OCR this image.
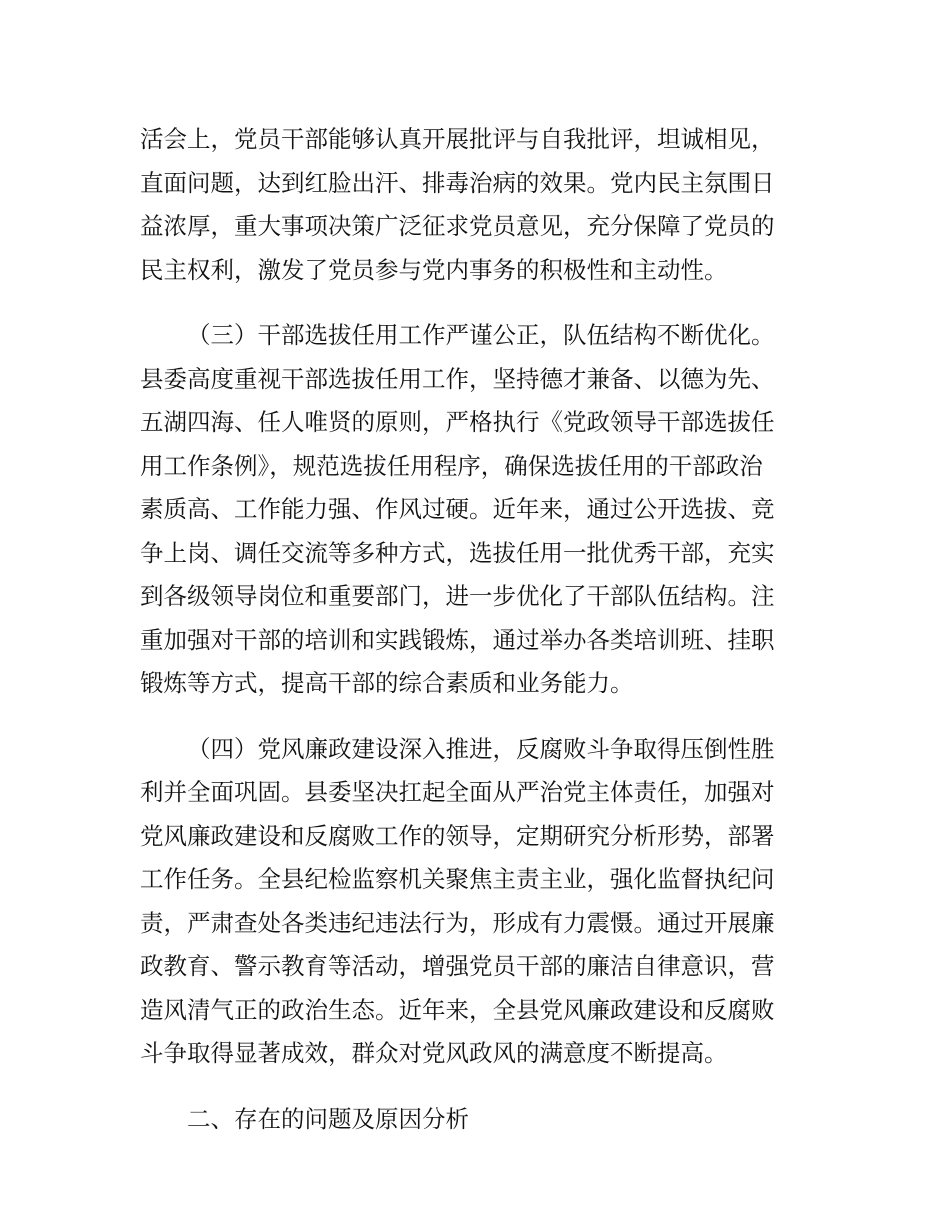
活会上，党员干部能够认真开展批评与自我批评，坦诚相见，
直面问题，达到红脸出汗、排毒治病的效果。党内民主氛围日
益浓厚，重大事项决策广泛征求党员意见，充分保障了党员的
民主权利，激发了党员参与党内事务的积极性和主动性。
（三）干部选拔任用工作严谨公正，队伍结构不断优化。
县委高度重视干部选拔任用工作，坚持德才兼备、以德为先、
五湖四海、任人唯贤的原则，严格执行《党政领导干部选拔任
用工作条例》，规范选拔任用程序，确保选拔任用的干部政治
素质高、工作能力强、作风过硬。近年来，通过公开选拔、竞
争上岗、调任交流等多种方式，选拔任用一批优秀干部，充实
到各级领导岗位和重要部门，进一步优化了干部队伍结构。注
重加强对干部的培训和实践锻炼，通过举办各类培训班、挂职
锻炼等方式，提高干部的综合素质和业务能力。
（四）党风廉政建设深入推进，反腐败斗争取得压倒性胜
利并全面巩固。县委坚决扛起全面从严治党主体责任，加强对
党风廉政建设和反腐败工作的领导，定期研究分析形势，部署
工作任务。全县纪检监察机关聚焦主责主业，强化监督执纪问
责，严肃查处各类违纪违法行为，形成有力震慑。通过开展廉
政教育、警示教育等活动，增强党员干部的廉洁自律意识，营
造风清气正的政治生态。近年来，全县党风廉政建设和反腐败
斗争取得显著成效，群众对党风政风的满意度不断提高。
二、存在的问题及原因分析
